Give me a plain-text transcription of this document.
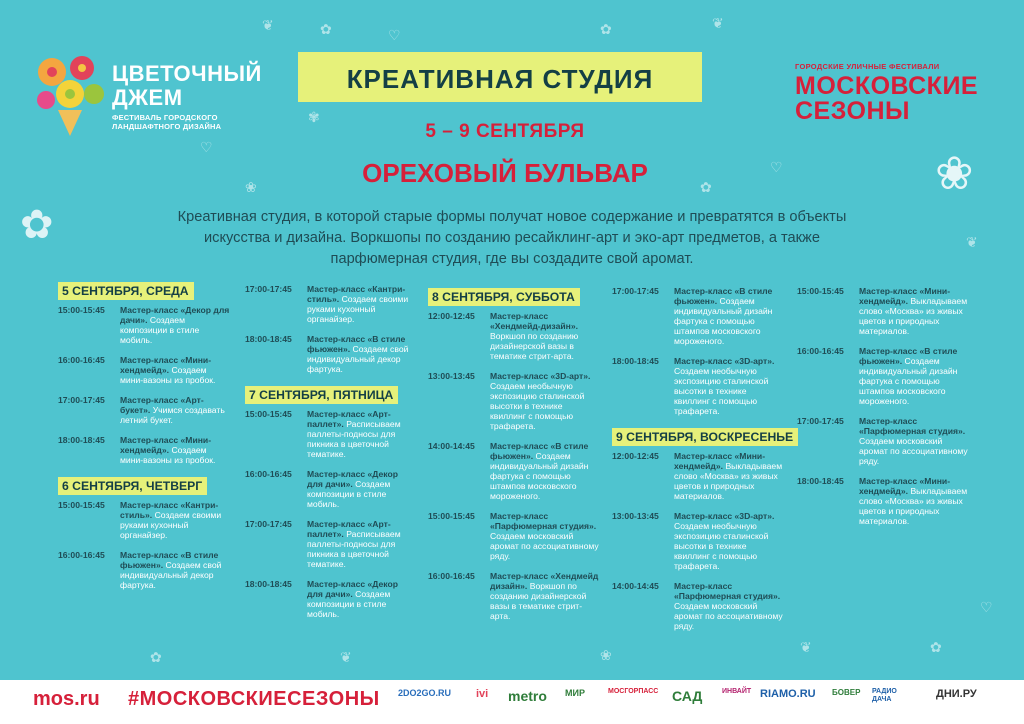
✿
❦
♡	✿	❦
♡
❀
✾
♡
✿	❀
✿	❦
♡
✿
❦
❀
❦
✿
ЦВЕТОЧНЫЙ ДЖЕМ
ФЕСТИВАЛЬ ГОРОДСКОГО ЛАНДШАФТНОГО ДИЗАЙНА
КРЕАТИВНАЯ СТУДИЯ
5 – 9 СЕНТЯБРЯ
ОРЕХОВЫЙ БУЛЬВАР
ГОРОДСКИЕ УЛИЧНЫЕ ФЕСТИВАЛИ
МОСКОВСКИЕ СЕЗОНЫ
Креативная студия, в которой старые формы получат новое содержание и превратятся в объекты искусства и дизайна. Воркшопы по созданию ресайклинг-арт и эко-арт предметов, а также парфюмерная студия, где вы создадите свой аромат.
5 СЕНТЯБРЯ, СРЕДА
15:00-15:45	Мастер-класс «Декор для дачи». Создаем композиции в стиле мобиль.
16:00-16:45	Мастер-класс «Мини-хендмейд». Создаем мини-вазоны из пробок.
17:00-17:45	Мастер-класс «Арт-букет». Учимся создавать летний букет.
18:00-18:45	Мастер-класс «Мини-хендмейд». Создаем мини-вазоны из пробок.
6 СЕНТЯБРЯ, ЧЕТВЕРГ
15:00-15:45	Мастер-класс «Кантри-стиль». Создаем своими руками кухонный органайзер.
16:00-16:45	Мастер-класс «В стиле фьюжен». Создаем свой индивидуальный декор фартука.
17:00-17:45	Мастер-класс «Кантри-стиль». Создаем своими руками кухонный органайзер.
18:00-18:45	Мастер-класс «В стиле фьюжен». Создаем свой индивидуальный декор фартука.
7 СЕНТЯБРЯ, ПЯТНИЦА
15:00-15:45	Мастер-класс «Арт-паллет». Расписываем паллеты-подносы для пикника в цветочной тематике.
16:00-16:45	Мастер-класс «Декор для дачи». Создаем композиции в стиле мобиль.
17:00-17:45	Мастер-класс «Арт-паллет». Расписываем паллеты-подносы для пикника в цветочной тематике.
18:00-18:45	Мастер-класс «Декор для дачи». Создаем композиции в стиле мобиль.
8 СЕНТЯБРЯ, СУББОТА
12:00-12:45	Мастер-класс «Хендмейд-дизайн». Воркшоп по созданию дизайнерской вазы в тематике стрит-арта.
13:00-13:45	Мастер-класс «3D-арт». Создаем необычную экспозицию сталинской высотки в технике квиллинг с помощью трафарета.
14:00-14:45	Мастер-класс «В стиле фьюжен». Создаем индивидуальный дизайн фартука с помощью штампов московского мороженого.
15:00-15:45	Мастер-класс «Парфюмерная студия». Создаем московский аромат по ассоциативному ряду.
16:00-16:45	Мастер-класс «Хендмейд дизайн». Воркшоп по созданию дизайнерской вазы в тематике стрит-арта.
17:00-17:45	Мастер-класс «В стиле фьюжен». Создаем индивидуальный дизайн фартука с помощью штампов московского мороженого.
18:00-18:45	Мастер-класс «3D-арт». Создаем необычную экспозицию сталинской высотки в технике квиллинг с помощью трафарета.
9 СЕНТЯБРЯ, ВОСКРЕСЕНЬЕ
12:00-12:45	Мастер-класс «Мини-хендмейд». Выкладываем слово «Москва» из живых цветов и природных материалов.
13:00-13:45	Мастер-класс «3D-арт». Создаем необычную экспозицию сталинской высотки в технике квиллинг с помощью трафарета.
14:00-14:45	Мастер-класс «Парфюмерная студия». Создаем московский аромат по ассоциативному ряду.
15:00-15:45	Мастер-класс «Мини-хендмейд». Выкладываем слово «Москва» из живых цветов и природных материалов.
16:00-16:45	Мастер-класс «В стиле фьюжен». Создаем индивидуальный дизайн фартука с помощью штампов московского мороженого.
17:00-17:45	Мастер-класс «Парфюмерная студия». Создаем московский аромат по ассоциативному ряду.
18:00-18:45	Мастер-класс «Мини-хендмейд». Выкладываем слово «Москва» из живых цветов и природных материалов.
mos.ru #МОСКОВСКИЕСЕЗОНЫ 2DO2GO.RU ivi metro МИР	МОСГОРПАСС САД	ИНВАЙТ RIAMO.RU БОВЕР РАДИО ДАЧА	ДНИ.РУ
